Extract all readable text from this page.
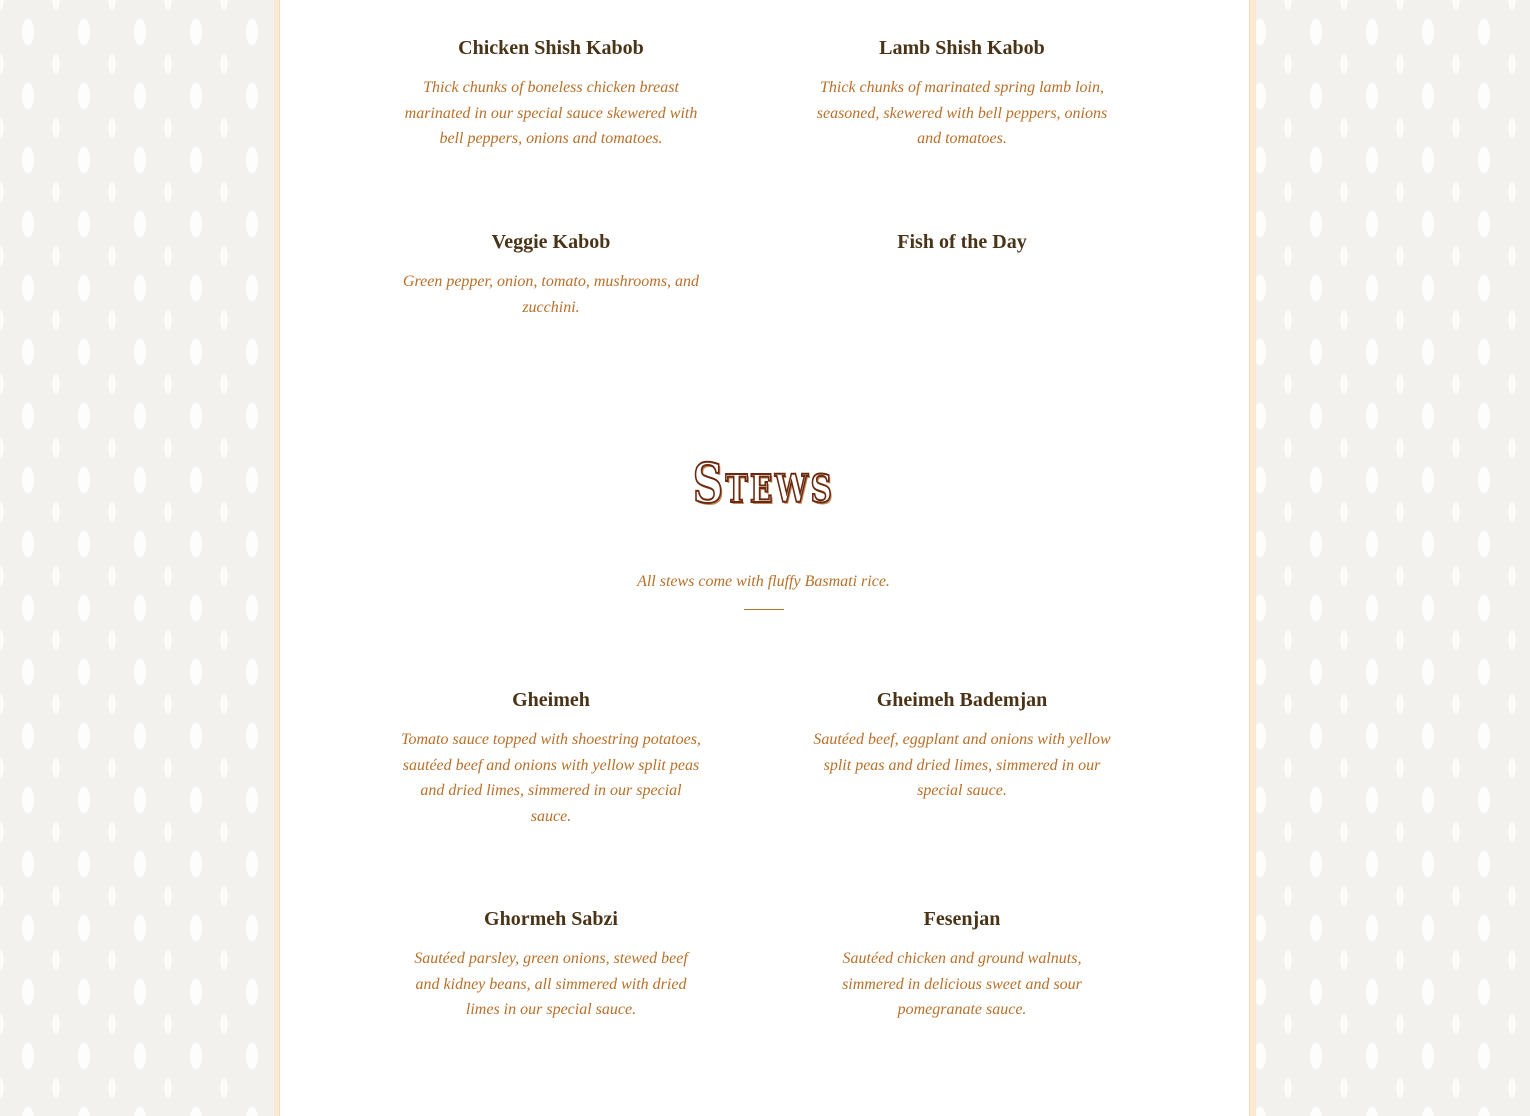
Chicken Shish Kabob

Thick chunks of boneless chicken breast marinated in our special sauce skewered with bell peppers, onions and tomatoes.

Lamb Shish Kabob

Thick chunks of marinated spring lamb loin, seasoned, skewered with bell peppers, onions and tomatoes.

Veggie Kabob

Green pepper, onion, tomato, mushrooms, and zucchini.

Fish of the Day

Stews

All stews come with fluffy Basmati rice.

Gheimeh

Tomato sauce topped with shoestring potatoes, sautéed beef and onions with yellow split peas and dried limes, simmered in our special sauce.

Gheimeh Bademjan

Sautéed beef, eggplant and onions with yellow split peas and dried limes, simmered in our special sauce.

Ghormeh Sabzi

Sautéed parsley, green onions, stewed beef and kidney beans, all simmered with dried limes in our special sauce.

Fesenjan

Sautéed chicken and ground walnuts, simmered in delicious sweet and sour pomegranate sauce.
